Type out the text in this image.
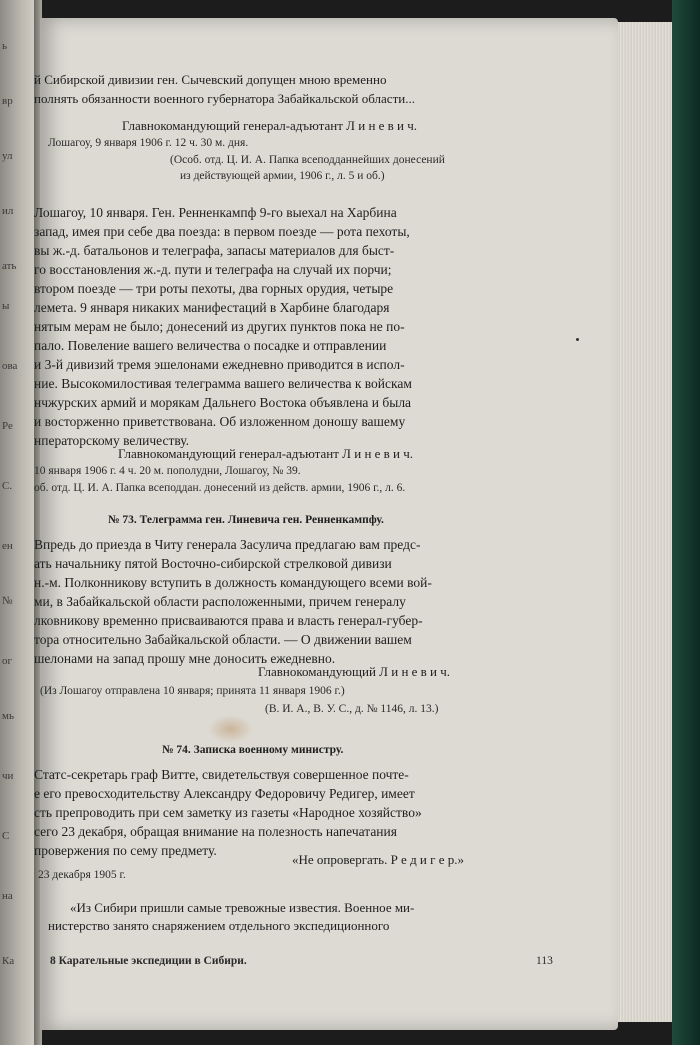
ь
вр
ул
ил
ать
ы
ова
Ре
С.
ен
№
ог
мь
чи
С
на
Ка
й Сибирской дивизии ген. Сычевский допущен мною временно
полнять обязанности военного губернатора Забайкальской области...
Главнокомандующий генерал-адъютант Л и н е в и ч.
Лошагоу, 9 января 1906 г. 12 ч. 30 м. дня.
(Особ. отд. Ц. И. А. Папка всеподданнейших донесений
из действующей армии, 1906 г., л. 5 и об.)
Лошагоу, 10 января. Ген. Ренненкампф 9-го выехал на Харбина
запад, имея при себе два поезда: в первом поезде — рота пехоты,
вы ж.-д. батальонов и телеграфа, запасы материалов для быст-
го восстановления ж.-д. пути и телеграфа на случай их порчи;
втором поезде — три роты пехоты, два горных орудия, четыре
лемета. 9 января никаких манифестаций в Харбине благодаря
нятым мерам не было; донесений из других пунктов пока не по-
пало. Повеление вашего величества о посадке и отправлении
и 3-й дивизий тремя эшелонами ежедневно приводится в испол-
ние. Высокомилостивая телеграмма вашего величества к войскам
нчжурских армий и морякам Дальнего Востока объявлена и была
и восторженно приветствована. Об изложенном доношу вашему
нператорскому величеству.
Главнокомандующий генерал-адъютант Л и н е в и ч.
10 января 1906 г. 4 ч. 20 м. пополудни, Лошагоу, № 39.
об. отд. Ц. И. А. Папка всеподдан. донесений из действ. армии, 1906 г., л. 6.
№ 73. Телеграмма ген. Линевича ген. Ренненкампфу.
Впредь до приезда в Читу генерала Засулича предлагаю вам предс-
ать начальнику пятой Восточно-сибирской стрелковой дивизи
н.-м. Полконникову вступить в должность командующего всеми вой-
ми, в Забайкальской области расположенными, причем генералу
лковникову временно присваиваются права и власть генерал-губер-
тора относительно Забайкальской области. — О движении вашем
шелонами на запад прошу мне доносить ежедневно.
Главнокомандующий Л и н е в и ч.
(Из Лошагоу отправлена 10 января; принята 11 января 1906 г.)
(В. И. А., В. У. С., д. № 1146, л. 13.)
№ 74. Записка военному министру.
Статс-секретарь граф Витте, свидетельствуя совершенное почте-
е его превосходительству Александру Федоровичу Редигер, имеет
сть препроводить при сем заметку из газеты «Народное хозяйство»
сего 23 декабря, обращая внимание на полезность напечатания
провержения по сему предмету.
«Не опровергать. Р е д и г е р.»
23 декабря 1905 г.
«Из Сибири пришли самые тревожные известия. Военное ми-
нистерство занято снаряжением отдельного экспедиционного
8 Карательные экспедиции в Сибири.	113
